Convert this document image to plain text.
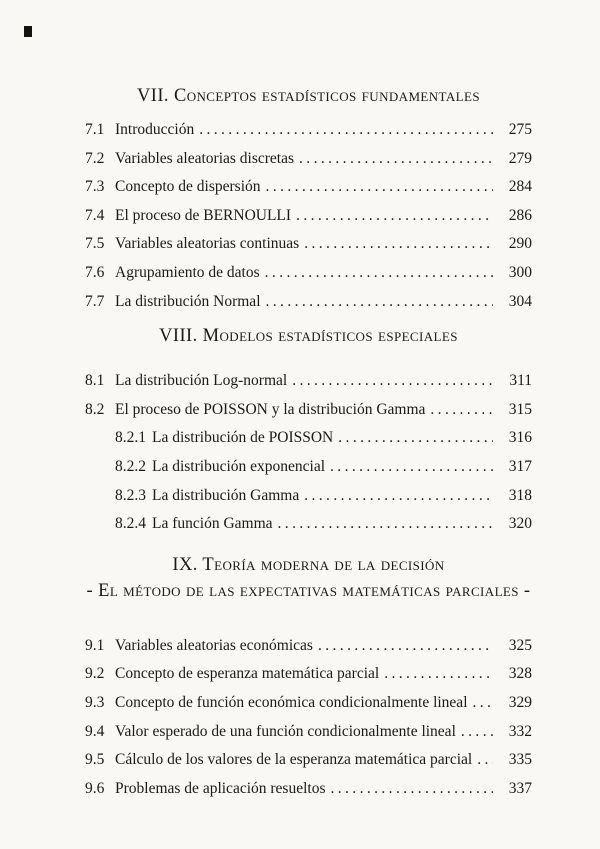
VII. Conceptos estadísticos fundamentales
7.1 Introducción .....	275
7.2 Variables aleatorias discretas .....	279
7.3 Concepto de dispersión .....	284
7.4 El proceso de BERNOULLI .....	286
7.5 Variables aleatorias continuas .....	290
7.6 Agrupamiento de datos .....	300
7.7 La distribución Normal .....	304
VIII. Modelos estadísticos especiales
8.1 La distribución Log-normal .....	311
8.2 El proceso de POISSON y la distribución Gamma .....	315
8.2.1 La distribución de POISSON .....	316
8.2.2 La distribución exponencial .....	317
8.2.3 La distribución Gamma .....	318
8.2.4 La función Gamma .....	320
IX. Teoría moderna de la decisión
- El método de las expectativas matemáticas parciales -
9.1 Variables aleatorias económicas .....	325
9.2 Concepto de esperanza matemática parcial .....	328
9.3 Concepto de función económica condicionalmente lineal .....	329
9.4 Valor esperado de una función condicionalmente lineal .....	332
9.5 Cálculo de los valores de la esperanza matemática parcial .....	335
9.6 Problemas de aplicación resueltos .....	337
